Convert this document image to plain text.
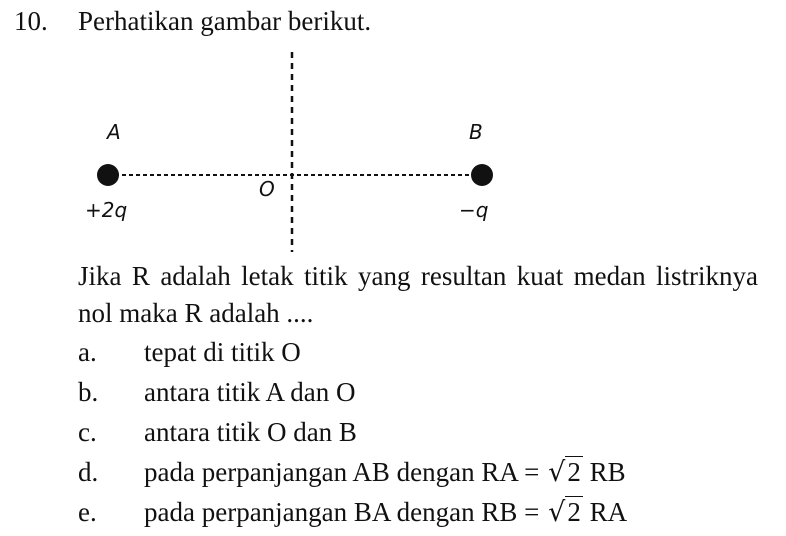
10. Perhatikan gambar berikut.
A	B
O
+2q	−q
Jika R adalah letak titik yang resultan kuat medan listriknya nol maka R adalah ....
a. tepat di titik O
b. antara titik A dan O
c. antara titik O dan B
d. pada perpanjangan AB dengan RA = √2 RB
e. pada perpanjangan BA dengan RB = √2 RA
